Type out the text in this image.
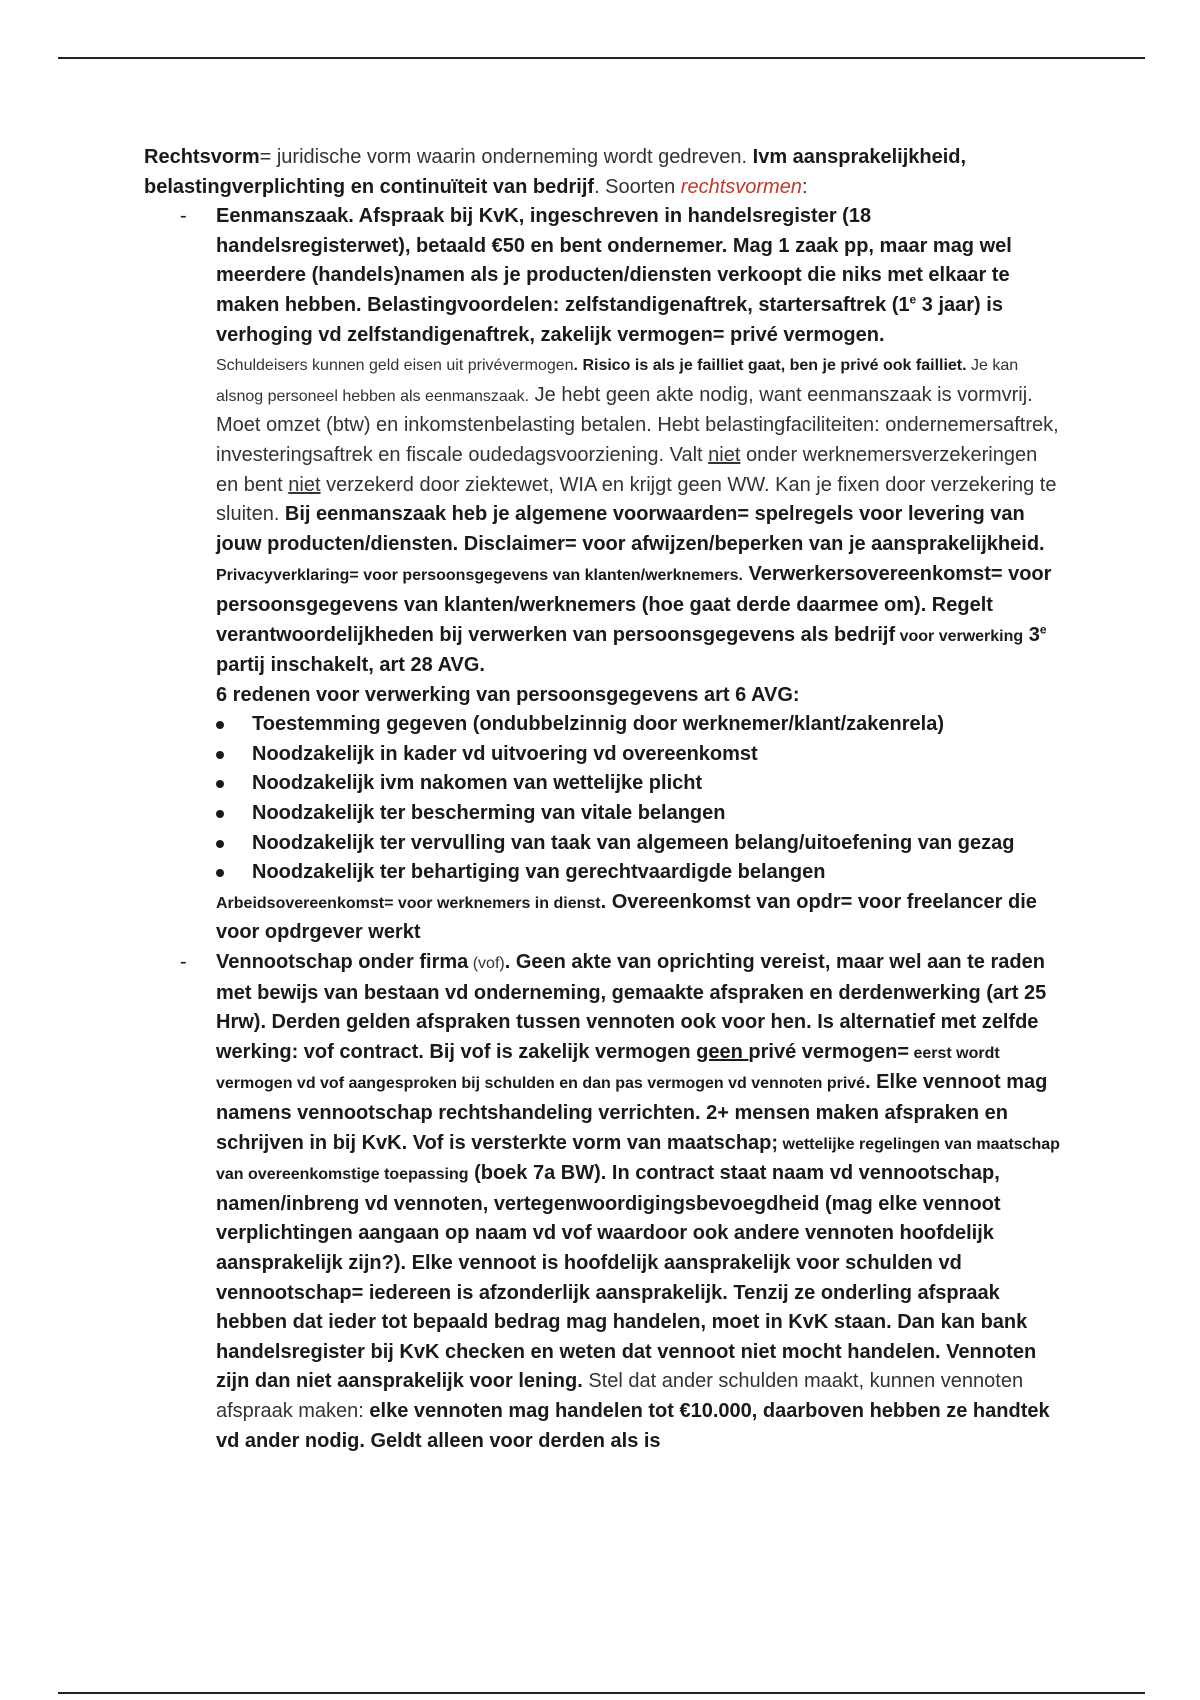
Rechtsvorm= juridische vorm waarin onderneming wordt gedreven. Ivm aansprakelijkheid, belastingverplichting en continuïteit van bedrijf. Soorten rechtsvormen:

- Eenmanszaak. Afspraak bij KvK, ingeschreven in handelsregister (18 handelsregisterwet), betaald €50 en bent ondernemer. Mag 1 zaak pp, maar mag wel meerdere (handels)namen als je producten/diensten verkoopt die niks met elkaar te maken hebben. Belastingvoordelen: zelfstandigenaftrek, startersaftrek (1e 3 jaar) is verhoging vd zelfstandigenaftrek, zakelijk vermogen= privé vermogen.
Schuldeisers kunnen geld eisen uit privévermogen. Risico is als je failliet gaat, ben je privé ook failliet. Je kan alsnog personeel hebben als eenmanszaak. Je hebt geen akte nodig, want eenmanszaak is vormvrij. Moet omzet (btw) en inkomstenbelasting betalen. Hebt belastingfaciliteiten: ondernemersaftrek, investeringsaftrek en fiscale oudedagsvoorziening. Valt niet onder werknemersverzekeringen en bent niet verzekerd door ziektewet, WIA en krijgt geen WW. Kan je fixen door verzekering te sluiten. Bij eenmanszaak heb je algemene voorwaarden= spelregels voor levering van jouw producten/diensten. Disclaimer= voor afwijzen/beperken van je aansprakelijkheid. Privacyverklaring= voor persoonsgegevens van klanten/werknemers. Verwerkersovereenkomst= voor persoonsgegevens van klanten/werknemers (hoe gaat derde daarmee om). Regelt verantwoordelijkheden bij verwerken van persoonsgegevens als bedrijf voor verwerking 3e partij inschakelt, art 28 AVG.
6 redenen voor verwerking van persoonsgegevens art 6 AVG:
Toestemming gegeven (ondubbelzinnig door werknemer/klant/zakenrela)
Noodzakelijk in kader vd uitvoering vd overeenkomst
Noodzakelijk ivm nakomen van wettelijke plicht
Noodzakelijk ter bescherming van vitale belangen
Noodzakelijk ter vervulling van taak van algemeen belang/uitoefening van gezag
Noodzakelijk ter behartiging van gerechtvaardigde belangen
Arbeidsovereenkomst= voor werknemers in dienst. Overeenkomst van opdr= voor freelancer die voor opdrgever werkt
- Vennootschap onder firma (vof). Geen akte van oprichting vereist, maar wel aan te raden met bewijs van bestaan vd onderneming, gemaakte afspraken en derdenwerking (art 25 Hrw). Derden gelden afspraken tussen vennoten ook voor hen. Is alternatief met zelfde werking: vof contract. Bij vof is zakelijk vermogen geen privé vermogen= eerst wordt vermogen vd vof aangesproken bij schulden en dan pas vermogen vd vennoten privé. Elke vennoot mag namens vennootschap rechtshandeling verrichten. 2+ mensen maken afspraken en schrijven in bij KvK. Vof is versterkte vorm van maatschap; wettelijke regelingen van maatschap van overeenkomstige toepassing (boek 7a BW). In contract staat naam vd vennootschap, namen/inbreng vd vennoten, vertegenwoordigingsbevoegdheid (mag elke vennoot verplichtingen aangaan op naam vd vof waardoor ook andere vennoten hoofdelijk aansprakelijk zijn?). Elke vennoot is hoofdelijk aansprakelijk voor schulden vd vennootschap= iedereen is afzonderlijk aansprakelijk. Tenzij ze onderling afspraak hebben dat ieder tot bepaald bedrag mag handelen, moet in KvK staan. Dan kan bank handelsregister bij KvK checken en weten dat vennoot niet mocht handelen. Vennoten zijn dan niet aansprakelijk voor lening. Stel dat ander schulden maakt, kunnen vennoten afspraak maken: elke vennoten mag handelen tot €10.000, daarboven hebben ze handtek vd ander nodig. Geldt alleen voor derden als is
